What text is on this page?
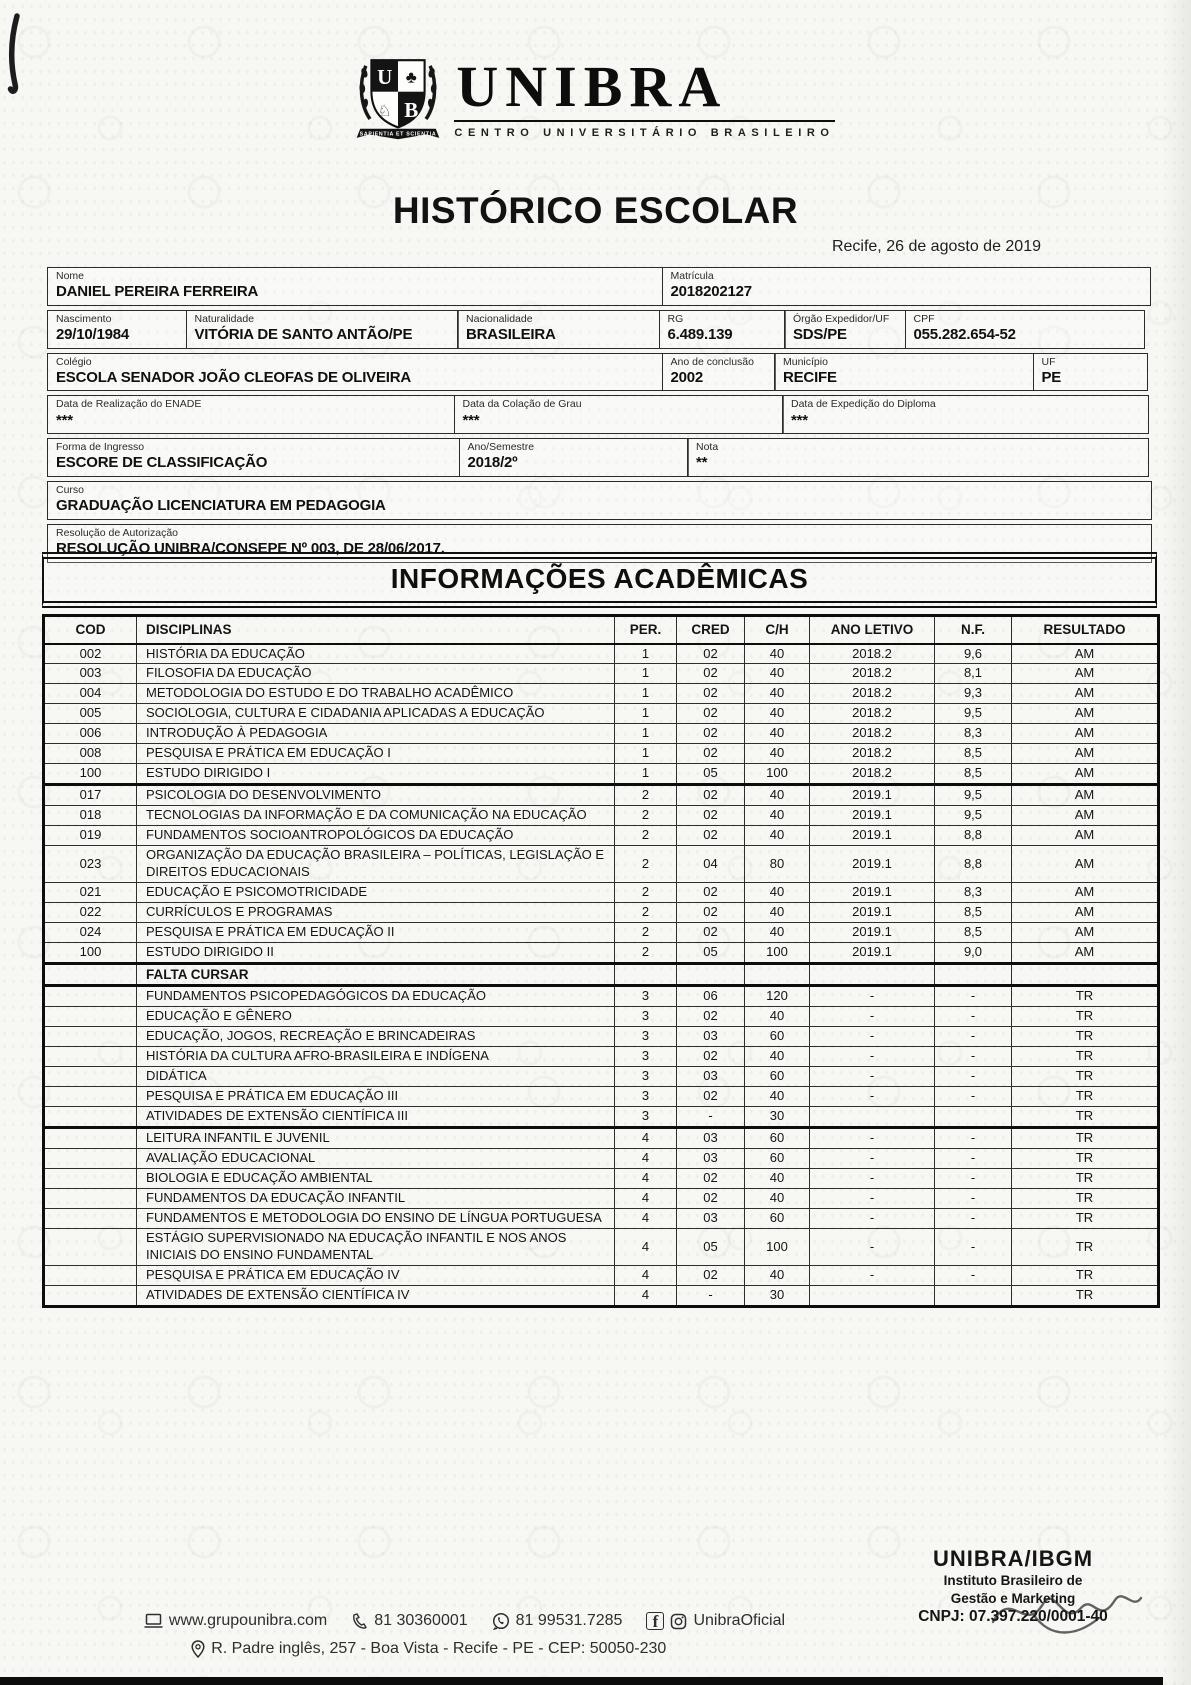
U ♣
♘ B
SAPIENTIA ET SCIENTIA
UNIBRA
CENTRO UNIVERSITÁRIO BRASILEIRO
HISTÓRICO ESCOLAR
Recife, 26 de agosto de 2019
Nome
DANIEL PEREIRA FERREIRA
Matrícula
2018202127
Nascimento
29/10/1984
Naturalidade
VITÓRIA DE SANTO ANTÃO/PE
Nacionalidade
BRASILEIRA
RG
6.489.139
Órgão Expedidor/UF
SDS/PE
CPF
055.282.654-52
Colégio
ESCOLA SENADOR JOÃO CLEOFAS DE OLIVEIRA
Ano de conclusão
2002
Município
RECIFE
UF
PE
Data de Realização do ENADE
***
Data da Colação de Grau
***
Data de Expedição do Diploma
***
Forma de Ingresso
ESCORE DE CLASSIFICAÇÃO
Ano/Semestre
2018/2º
Nota
**
Curso
GRADUAÇÃO LICENCIATURA EM PEDAGOGIA
Resolução de Autorização
RESOLUÇÃO UNIBRA/CONSEPE Nº 003, DE 28/06/2017.
INFORMAÇÕES ACADÊMICAS
COD	DISCIPLINAS	PER.	CRED	C/H	ANO LETIVO	N.F.	RESULTADO
002	HISTÓRIA DA EDUCAÇÃO	1	02	40	2018.2	9,6	AM
003	FILOSOFIA DA EDUCAÇÃO	1	02	40	2018.2	8,1	AM
004	METODOLOGIA DO ESTUDO E DO TRABALHO ACADÊMICO	1	02	40	2018.2	9,3	AM
005	SOCIOLOGIA, CULTURA E CIDADANIA APLICADAS A EDUCAÇÃO	1	02	40	2018.2	9,5	AM
006	INTRODUÇÃO À PEDAGOGIA	1	02	40	2018.2	8,3	AM
008	PESQUISA E PRÁTICA EM EDUCAÇÃO I	1	02	40	2018.2	8,5	AM
100	ESTUDO DIRIGIDO I	1	05	100	2018.2	8,5	AM
017	PSICOLOGIA DO DESENVOLVIMENTO	2	02	40	2019.1	9,5	AM
018	TECNOLOGIAS DA INFORMAÇÃO E DA COMUNICAÇÃO NA EDUCAÇÃO	2	02	40	2019.1	9,5	AM
019	FUNDAMENTOS SOCIOANTROPOLÓGICOS DA EDUCAÇÃO	2	02	40	2019.1	8,8	AM
023	ORGANIZAÇÃO DA EDUCAÇÃO BRASILEIRA – POLÍTICAS, LEGISLAÇÃO E DIREITOS EDUCACIONAIS	2	04	80	2019.1	8,8	AM
021	EDUCAÇÃO E PSICOMOTRICIDADE	2	02	40	2019.1	8,3	AM
022	CURRÍCULOS E PROGRAMAS	2	02	40	2019.1	8,5	AM
024	PESQUISA E PRÁTICA EM EDUCAÇÃO II	2	02	40	2019.1	8,5	AM
100	ESTUDO DIRIGIDO II	2	05	100	2019.1	9,0	AM
	FALTA CURSAR						
	FUNDAMENTOS PSICOPEDAGÓGICOS DA EDUCAÇÃO	3	06	120	-	-	TR
	EDUCAÇÃO E GÊNERO	3	02	40	-	-	TR
	EDUCAÇÃO, JOGOS, RECREAÇÃO E BRINCADEIRAS	3	03	60	-	-	TR
	HISTÓRIA DA CULTURA AFRO-BRASILEIRA E INDÍGENA	3	02	40	-	-	TR
	DIDÁTICA	3	03	60	-	-	TR
	PESQUISA E PRÁTICA EM EDUCAÇÃO III	3	02	40	-	-	TR
	ATIVIDADES DE EXTENSÃO CIENTÍFICA III	3	-	30			TR
	LEITURA INFANTIL E JUVENIL	4	03	60	-	-	TR
	AVALIAÇÃO EDUCACIONAL	4	03	60	-	-	TR
	BIOLOGIA E EDUCAÇÃO AMBIENTAL	4	02	40	-	-	TR
	FUNDAMENTOS DA EDUCAÇÃO INFANTIL	4	02	40	-	-	TR
	FUNDAMENTOS E METODOLOGIA DO ENSINO DE LÍNGUA PORTUGUESA	4	03	60	-	-	TR
	ESTÁGIO SUPERVISIONADO NA EDUCAÇÃO INFANTIL E NOS ANOS INICIAIS DO ENSINO FUNDAMENTAL	4	05	100	-	-	TR
	PESQUISA E PRÁTICA EM EDUCAÇÃO IV	4	02	40	-	-	TR
	ATIVIDADES DE EXTENSÃO CIENTÍFICA IV	4	-	30			TR
UNIBRA/IBGM
Instituto Brasileiro de
Gestão e Marketing
CNPJ: 07.397.220/0001-40
www.grupounibra.com	81 30360001	81 99531.7285	f	UnibraOficial
R. Padre inglês, 257 - Boa Vista - Recife - PE - CEP: 50050-230
